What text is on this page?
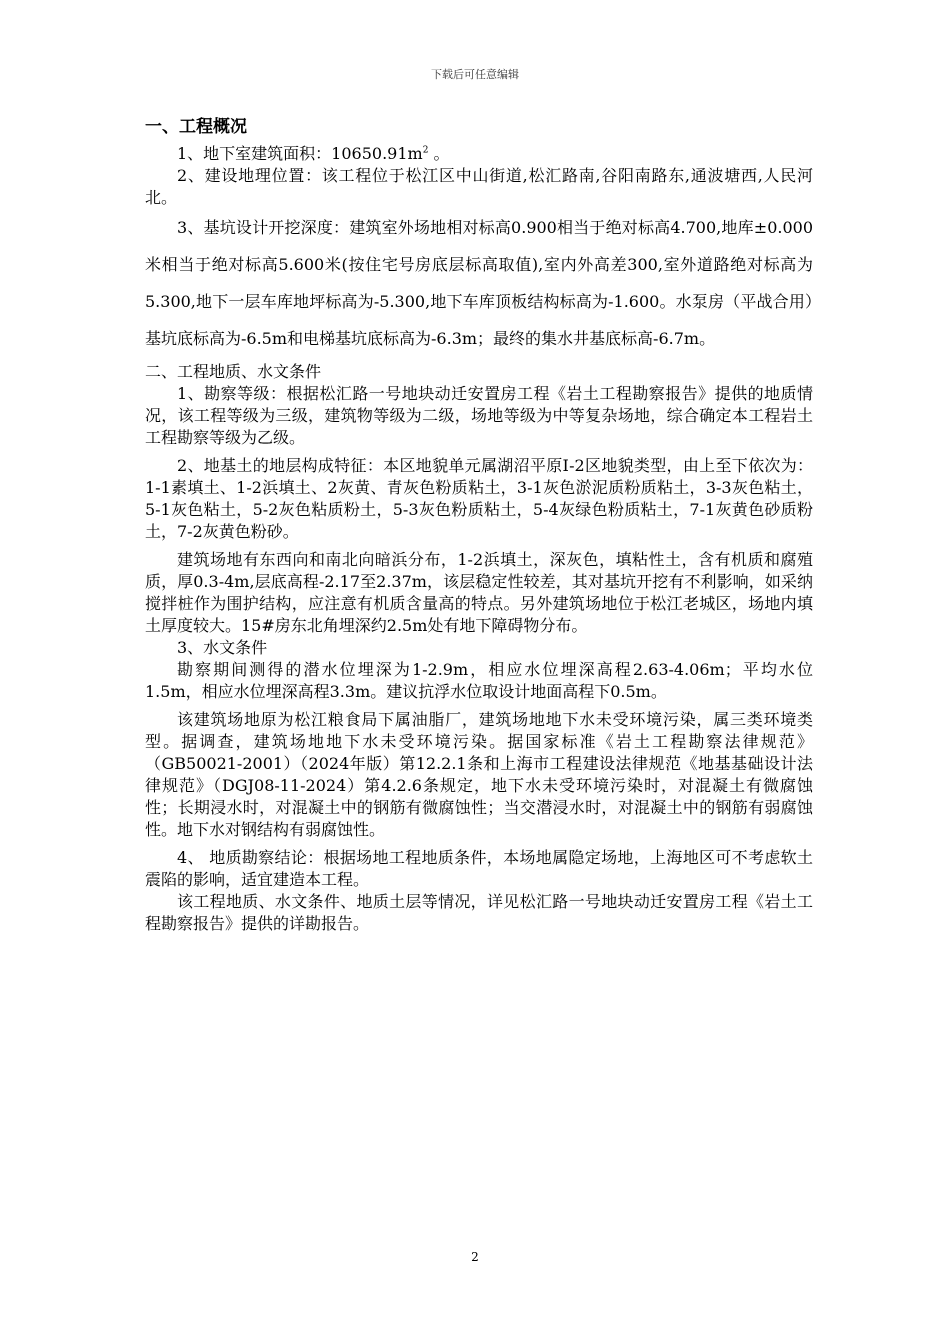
下载后可任意编辑

一、工程概况

1、地下室建筑面积：$10650.91m^2$ 。

2、建设地理位置：该工程位于松江区中山街道,松汇路南,谷阳南路东,通波塘西,人民河北。

3、基坑设计开挖深度：建筑室外场地相对标高0.900相当于绝对标高4.700,地库±0.000米相当于绝对标高5.600米(按住宅号房底层标高取值),室内外高差300,室外道路绝对标高为5.300,地下一层车库地坪标高为-5.300,地下车库顶板结构标高为-1.600。水泵房（平战合用）基坑底标高为-6.5m和电梯基坑底标高为-6.3m；最终的集水井基底标高-6.7m。

二、工程地质、水文条件

1、勘察等级：根据松汇路一号地块动迁安置房工程《岩土工程勘察报告》提供的地质情况，该工程等级为三级，建筑物等级为二级，场地等级为中等复杂场地，综合确定本工程岩土工程勘察等级为乙级。

2、地基土的地层构成特征：本区地貌单元属湖沼平原Ⅰ-2区地貌类型，由上至下依次为：1-1素填土、1-2浜填土、2灰黄、青灰色粉质粘土，3-1灰色淤泥质粉质粘土，3-3灰色粘土，5-1灰色粘土，5-2灰色粘质粉土，5-3灰色粉质粘土，5-4灰绿色粉质粘土，7-1灰黄色砂质粉土，7-2灰黄色粉砂。

建筑场地有东西向和南北向暗浜分布，1-2浜填土，深灰色，填粘性土，含有机质和腐殖质，厚0.3-4m,层底高程-2.17至2.37m，该层稳定性较差，其对基坑开挖有不利影响，如采纳搅拌桩作为围护结构，应注意有机质含量高的特点。另外建筑场地位于松江老城区，场地内填土厚度较大。15#房东北角埋深约2.5m处有地下障碍物分布。

3、水文条件

勘察期间测得的潜水位埋深为1-2.9m，相应水位埋深高程2.63-4.06m；平均水位1.5m，相应水位埋深高程3.3m。建议抗浮水位取设计地面高程下0.5m。

该建筑场地原为松江粮食局下属油脂厂，建筑场地地下水未受环境污染，属三类环境类型。据调查，建筑场地地下水未受环境污染。据国家标准《岩土工程勘察法律规范》（GB50021-2001）（2024年版）第12.2.1条和上海市工程建设法律规范《地基基础设计法律规范》（DGJ08-11-2024）第4.2.6条规定，地下水未受环境污染时，对混凝土有微腐蚀性；长期浸水时，对混凝土中的钢筋有微腐蚀性；当交潜浸水时，对混凝土中的钢筋有弱腐蚀性。地下水对钢结构有弱腐蚀性。

4、 地质勘察结论：根据场地工程地质条件，本场地属隐定场地，上海地区可不考虑软土震陷的影响，适宜建造本工程。

该工程地质、水文条件、地质土层等情况，详见松汇路一号地块动迁安置房工程《岩土工程勘察报告》提供的详勘报告。

2
